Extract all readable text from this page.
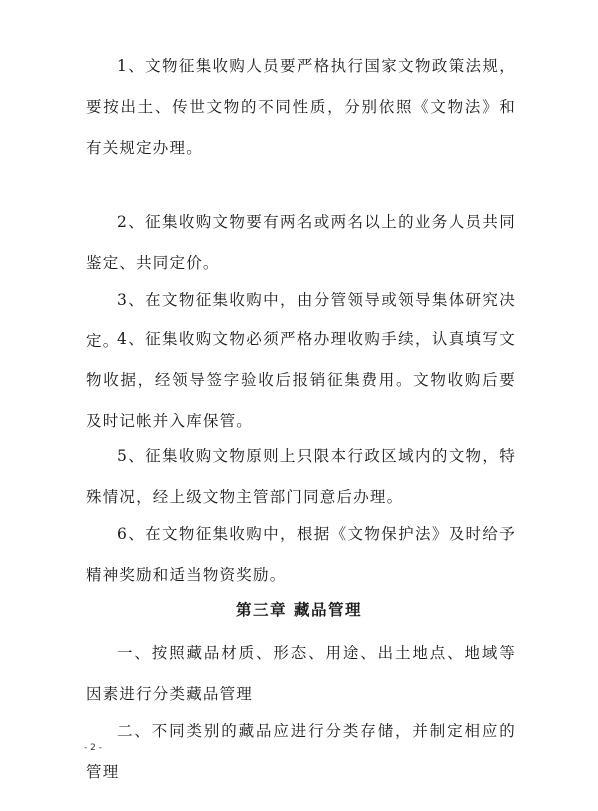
1、文物征集收购人员要严格执行国家文物政策法规，要按出土、传世文物的不同性质，分别依照《文物法》和有关规定办理。

2、征集收购文物要有两名或两名以上的业务人员共同鉴定、共同定价。

3、在文物征集收购中，由分管领导或领导集体研究决定。

4、征集收购文物必须严格办理收购手续，认真填写文物收据，经领导签字验收后报销征集费用。文物收购后要及时记帐并入库保管。

5、征集收购文物原则上只限本行政区域内的文物，特殊情况，经上级文物主管部门同意后办理。

6、在文物征集收购中，根据《文物保护法》及时给予精神奖励和适当物资奖励。

第三章 藏品管理

一、按照藏品材质、形态、用途、出土地点、地域等因素进行分类藏品管理

二、不同类别的藏品应进行分类存储，并制定相应的管理

- 2 -
